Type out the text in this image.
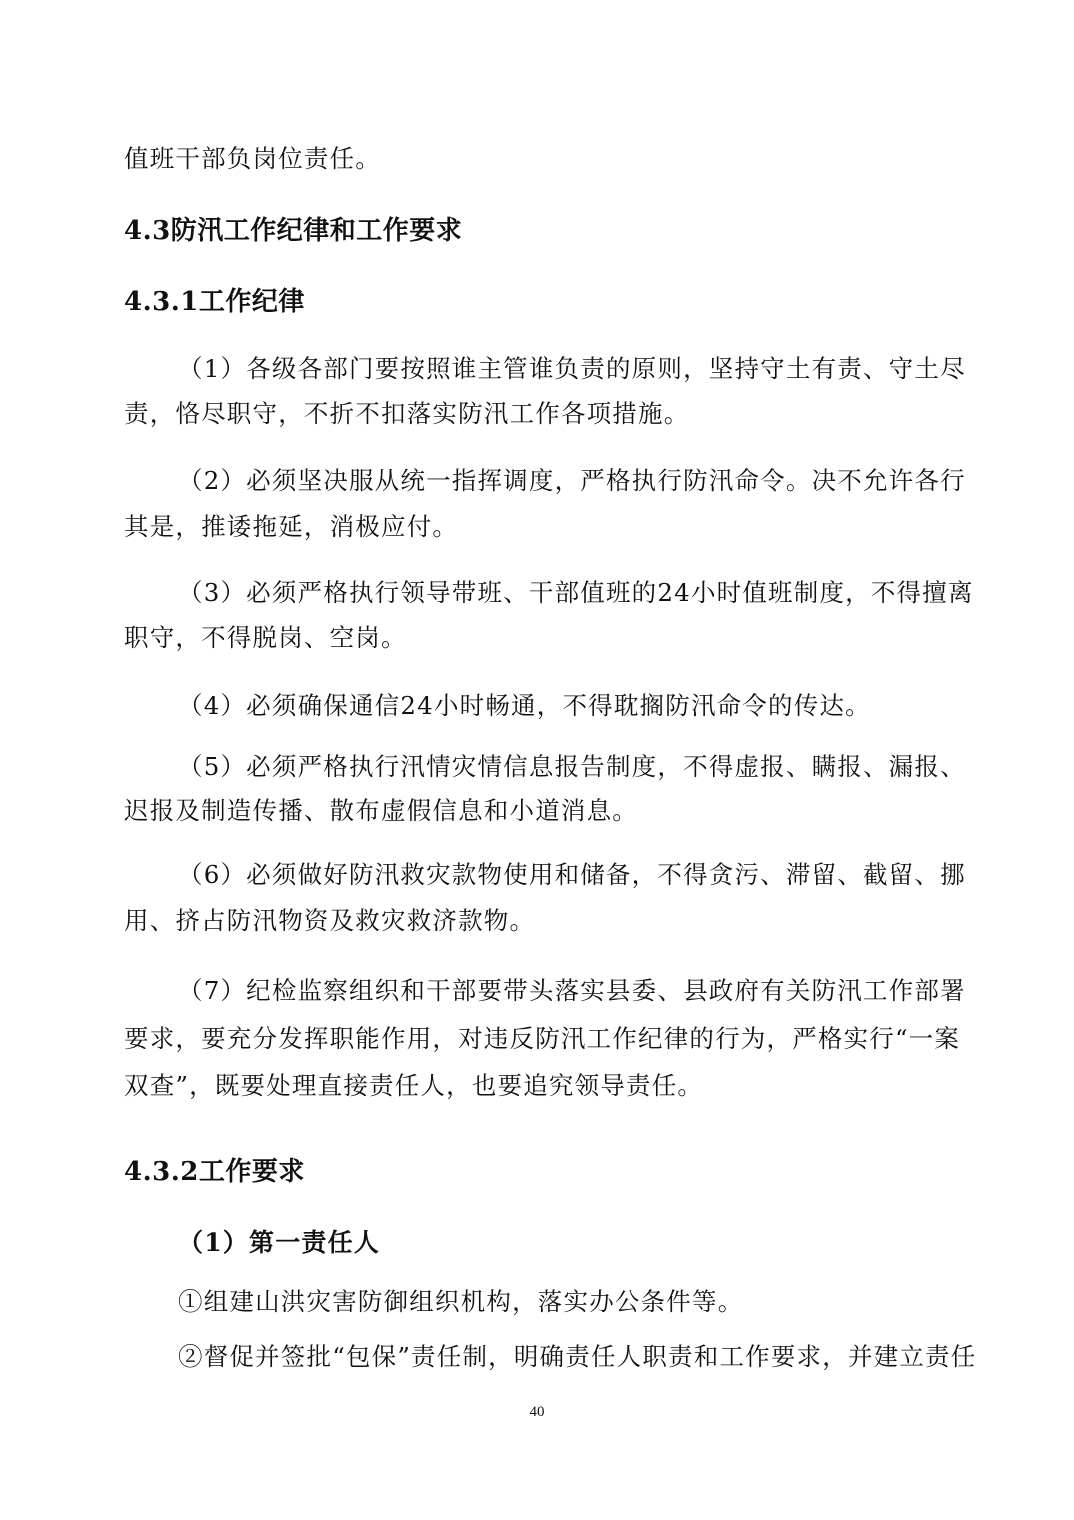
值班干部负岗位责任。
4.3防汛工作纪律和工作要求
4.3.1工作纪律
（1）各级各部门要按照谁主管谁负责的原则，坚持守土有责、守土尽
责，恪尽职守，不折不扣落实防汛工作各项措施。
（2）必须坚决服从统一指挥调度，严格执行防汛命令。决不允许各行
其是，推诿拖延，消极应付。
（3）必须严格执行领导带班、干部值班的24小时值班制度，不得擅离
职守，不得脱岗、空岗。
（4）必须确保通信24小时畅通，不得耽搁防汛命令的传达。
（5）必须严格执行汛情灾情信息报告制度，不得虚报、瞒报、漏报、
迟报及制造传播、散布虚假信息和小道消息。
（6）必须做好防汛救灾款物使用和储备，不得贪污、滞留、截留、挪
用、挤占防汛物资及救灾救济款物。
（7）纪检监察组织和干部要带头落实县委、县政府有关防汛工作部署
要求，要充分发挥职能作用，对违反防汛工作纪律的行为，严格实行“一案
双查”，既要处理直接责任人，也要追究领导责任。
4.3.2工作要求
（1）第一责任人
①组建山洪灾害防御组织机构，落实办公条件等。
②督促并签批“包保”责任制，明确责任人职责和工作要求，并建立责任
40
